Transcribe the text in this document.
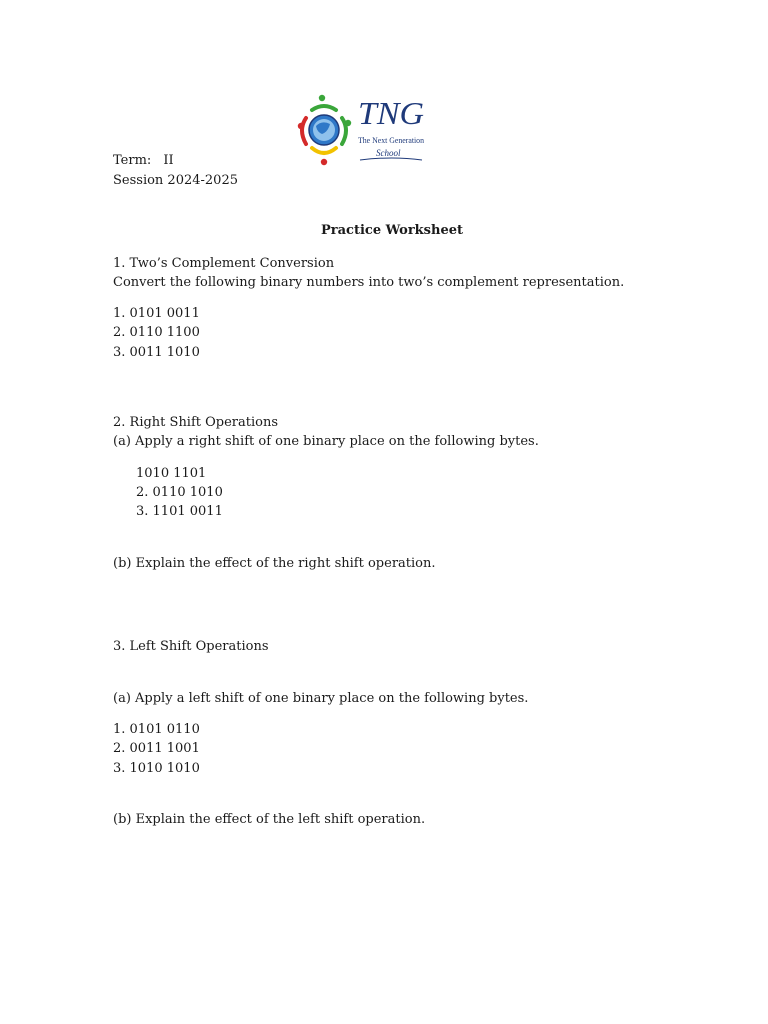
TNG
The Next Generation
School
Term: II
Session 2024-2025
Practice Worksheet
1. Two’s Complement Conversion
Convert the following binary numbers into two’s complement representation.
1. 0101 0011
2. 0110 1100
3. 0011 1010
2. Right Shift Operations
(a) Apply a right shift of one binary place on the following bytes.
1010 1101
2. 0110 1010
3. 1101 0011
(b) Explain the effect of the right shift operation.
3. Left Shift Operations
(a) Apply a left shift of one binary place on the following bytes.
1. 0101 0110
2. 0011 1001
3. 1010 1010
(b) Explain the effect of the left shift operation.
